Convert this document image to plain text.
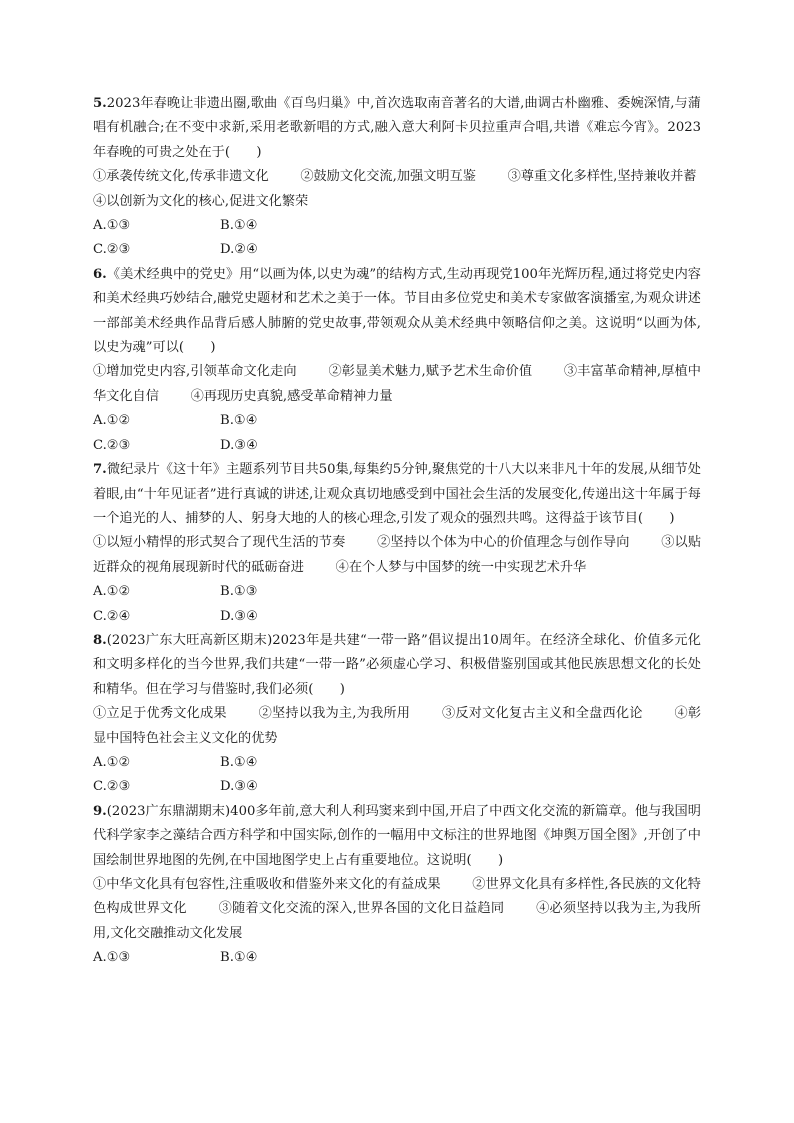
5.2023年春晚让非遗出圈,歌曲《百鸟归巢》中,首次选取南音著名的大谱,曲调古朴幽雅、委婉深情,与蒲唱有机融合;在不变中求新,采用老歌新唱的方式,融入意大利阿卡贝拉重声合唱,共谱《难忘今宵》。2023年春晚的可贵之处在于(　　)

①承袭传统文化,传承非遗文化 ②鼓励文化交流,加强文明互鉴 ③尊重文化多样性,坚持兼收并蓄
④以创新为文化的核心,促进文化繁荣

A.①③	B.①④
C.②③	D.②④

6.《美术经典中的党史》用“以画为体,以史为魂”的结构方式,生动再现党100年光辉历程,通过将党史内容和美术经典巧妙结合,融党史题材和艺术之美于一体。节目由多位党史和美术专家做客演播室,为观众讲述一部部美术经典作品背后感人肺腑的党史故事,带领观众从美术经典中领略信仰之美。这说明“以画为体,以史为魂”可以(　　)

①增加党史内容,引领革命文化走向 ②彰显美术魅力,赋予艺术生命价值 ③丰富革命精神,厚植中华文化自信 ④再现历史真貌,感受革命精神力量

A.①②	B.①④
C.②③	D.③④

7.微纪录片《这十年》主题系列节目共50集,每集约5分钟,聚焦党的十八大以来非凡十年的发展,从细节处着眼,由“十年见证者”进行真诚的讲述,让观众真切地感受到中国社会生活的发展变化,传递出这十年属于每一个追光的人、捕梦的人、躬身大地的人的核心理念,引发了观众的强烈共鸣。这得益于该节目(　　)

①以短小精悍的形式契合了现代生活的节奏 ②坚持以个体为中心的价值理念与创作导向 ③以贴近群众的视角展现新时代的砥砺奋进 ④在个人梦与中国梦的统一中实现艺术升华

A.①②	B.①③
C.②④	D.③④

8.(2023广东大旺高新区期末)2023年是共建“一带一路”倡议提出10周年。在经济全球化、价值多元化和文明多样化的当今世界,我们共建“一带一路”必须虚心学习、积极借鉴别国或其他民族思想文化的长处和精华。但在学习与借鉴时,我们必须(　　)

①立足于优秀文化成果 ②坚持以我为主,为我所用 ③反对文化复古主义和全盘西化论 ④彰显中国特色社会主义文化的优势

A.①②	B.①④
C.②③	D.③④

9.(2023广东鼎湖期末)400多年前,意大利人利玛窦来到中国,开启了中西文化交流的新篇章。他与我国明代科学家李之藻结合西方科学和中国实际,创作的一幅用中文标注的世界地图《坤舆万国全图》,开创了中国绘制世界地图的先例,在中国地图学史上占有重要地位。这说明(　　)

①中华文化具有包容性,注重吸收和借鉴外来文化的有益成果 ②世界文化具有多样性,各民族的文化特色构成世界文化 ③随着文化交流的深入,世界各国的文化日益趋同 ④必须坚持以我为主,为我所用,文化交融推动文化发展

A.①③	B.①④
